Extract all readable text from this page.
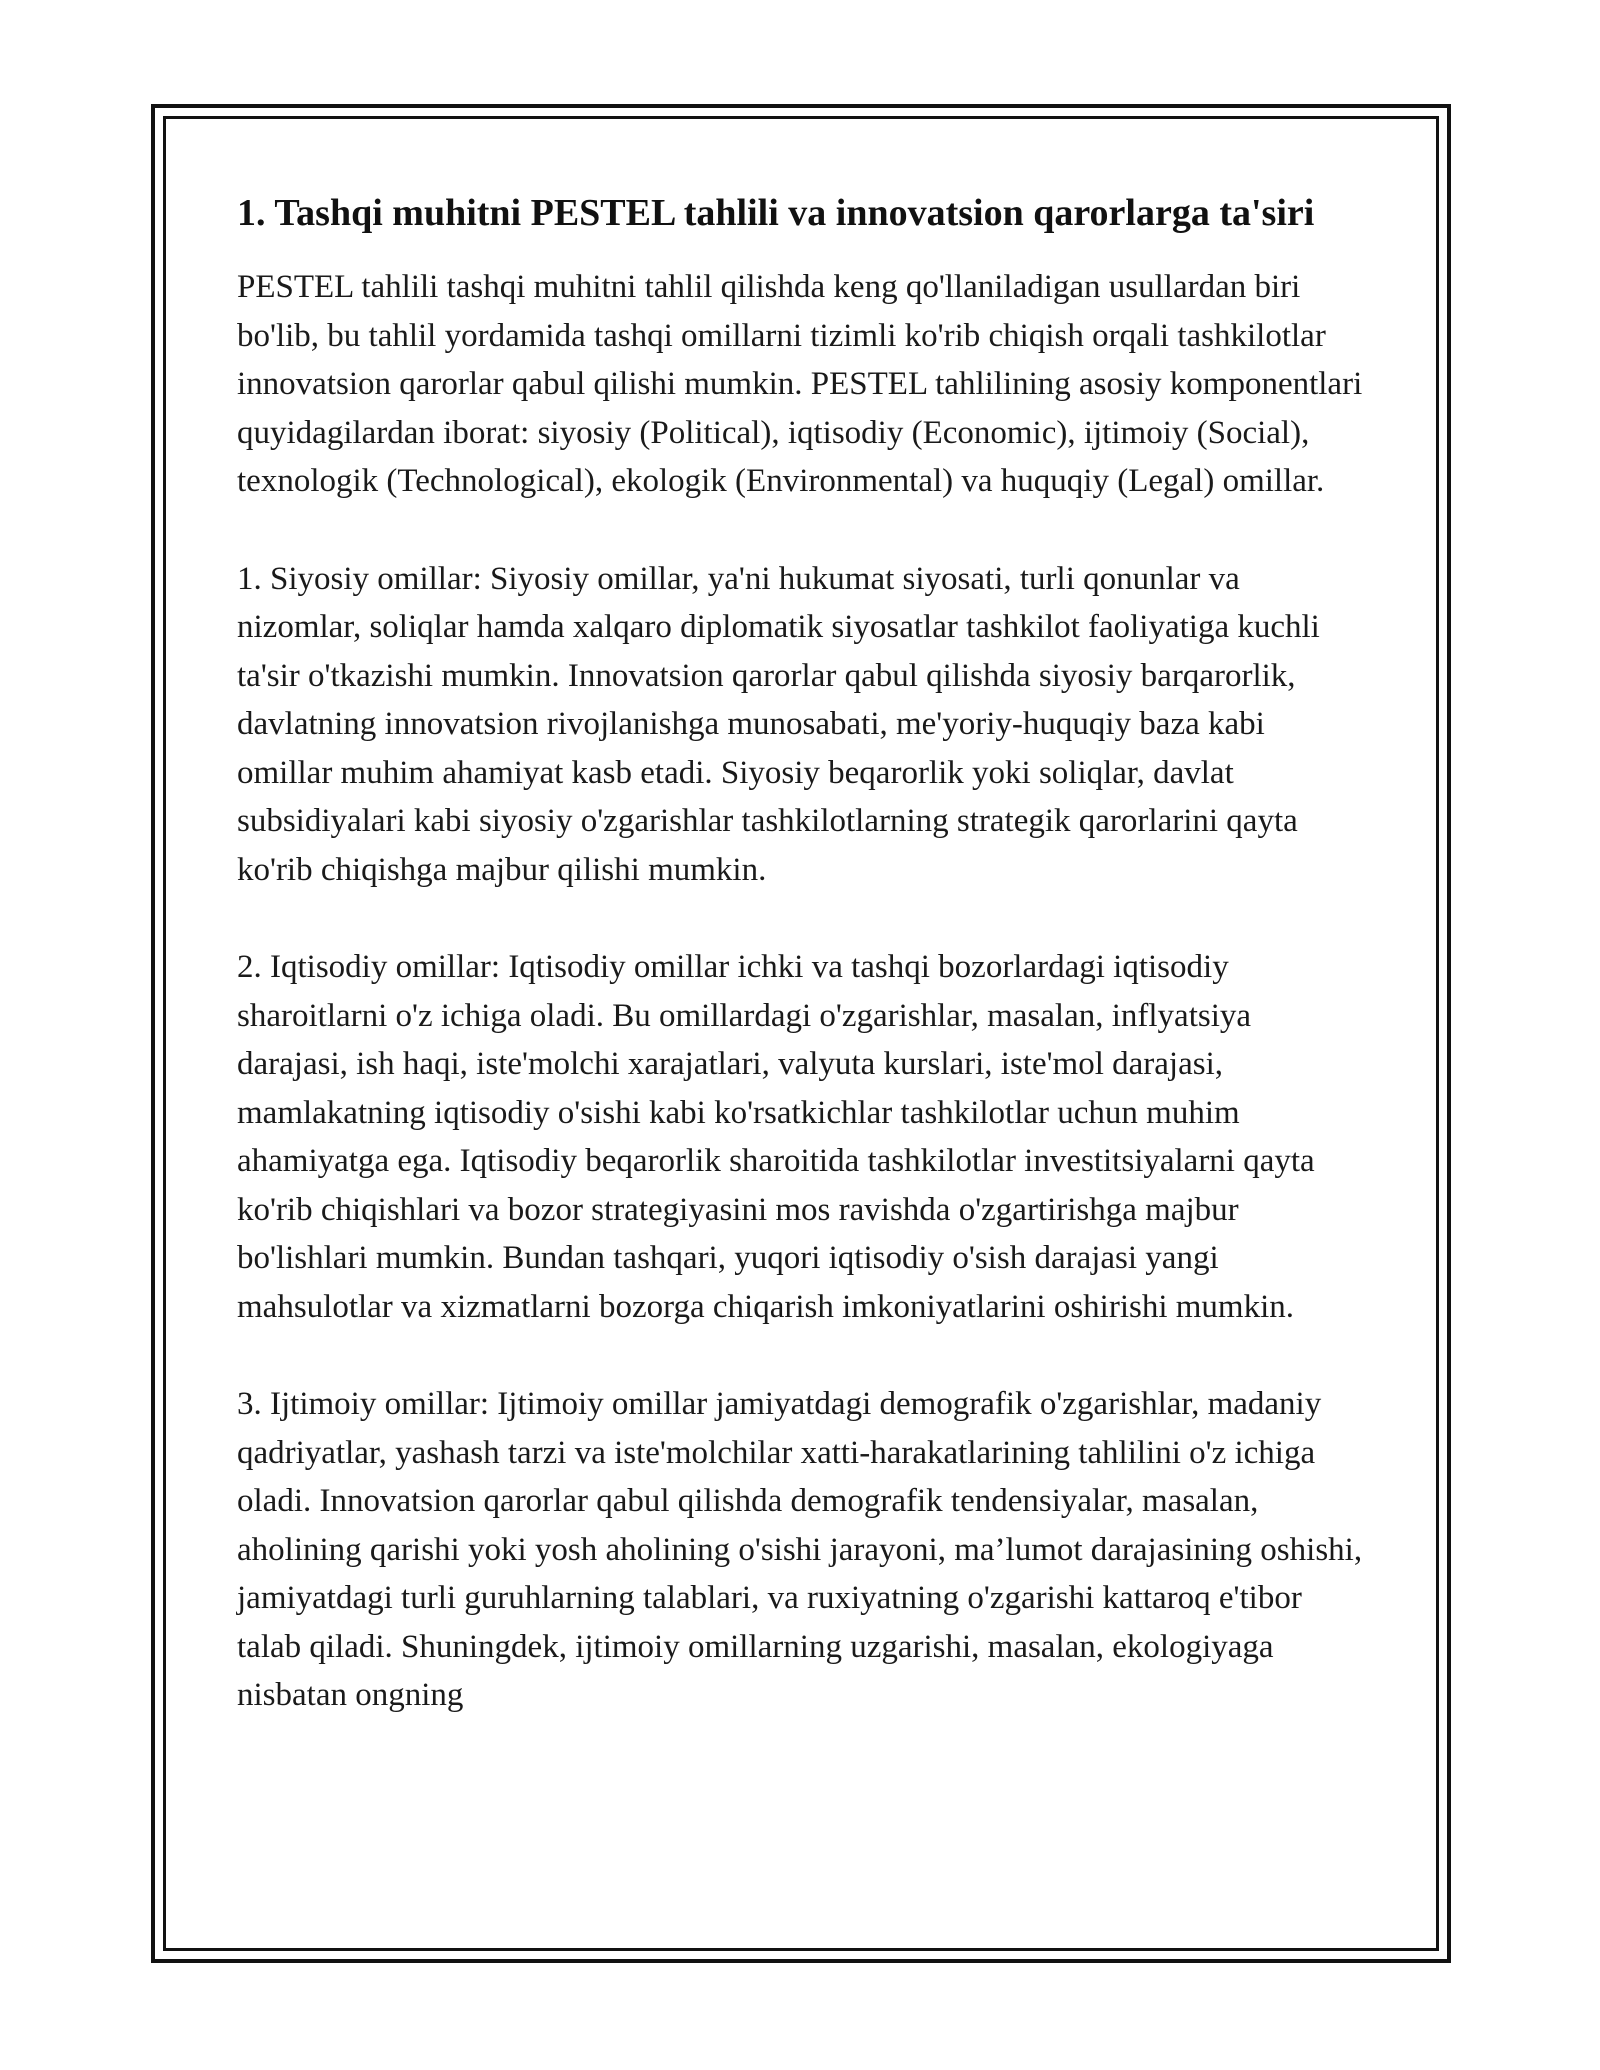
1. Tashqi muhitni PESTEL tahlili va innovatsion qarorlarga ta'siri

PESTEL tahlili tashqi muhitni tahlil qilishda keng qo'llaniladigan usullardan biri bo'lib, bu tahlil yordamida tashqi omillarni tizimli ko'rib chiqish orqali tashkilotlar innovatsion qarorlar qabul qilishi mumkin. PESTEL tahlilining asosiy komponentlari quyidagilardan iborat: siyosiy (Political), iqtisodiy (Economic), ijtimoiy (Social), texnologik (Technological), ekologik (Environmental) va huquqiy (Legal) omillar.

1. Siyosiy omillar: Siyosiy omillar, ya'ni hukumat siyosati, turli qonunlar va nizomlar, soliqlar hamda xalqaro diplomatik siyosatlar tashkilot faoliyatiga kuchli ta'sir o'tkazishi mumkin. Innovatsion qarorlar qabul qilishda siyosiy barqarorlik, davlatning innovatsion rivojlanishga munosabati, me'yoriy-huquqiy baza kabi omillar muhim ahamiyat kasb etadi. Siyosiy beqarorlik yoki soliqlar, davlat subsidiyalari kabi siyosiy o'zgarishlar tashkilotlarning strategik qarorlarini qayta ko'rib chiqishga majbur qilishi mumkin.

2. Iqtisodiy omillar: Iqtisodiy omillar ichki va tashqi bozorlardagi iqtisodiy sharoitlarni o'z ichiga oladi. Bu omillardagi o'zgarishlar, masalan, inflyatsiya darajasi, ish haqi, iste'molchi xarajatlari, valyuta kurslari, iste'mol darajasi, mamlakatning iqtisodiy o'sishi kabi ko'rsatkichlar tashkilotlar uchun muhim ahamiyatga ega. Iqtisodiy beqarorlik sharoitida tashkilotlar investitsiyalarni qayta ko'rib chiqishlari va bozor strategiyasini mos ravishda o'zgartirishga majbur bo'lishlari mumkin. Bundan tashqari, yuqori iqtisodiy o'sish darajasi yangi mahsulotlar va xizmatlarni bozorga chiqarish imkoniyatlarini oshirishi mumkin.

3. Ijtimoiy omillar: Ijtimoiy omillar jamiyatdagi demografik o'zgarishlar, madaniy qadriyatlar, yashash tarzi va iste'molchilar xatti-harakatlarining tahlilini o'z ichiga oladi. Innovatsion qarorlar qabul qilishda demografik tendensiyalar, masalan, aholining qarishi yoki yosh aholining o'sishi jarayoni, ma’lumot darajasining oshishi, jamiyatdagi turli guruhlarning talablari, va ruxiyatning o'zgarishi kattaroq e'tibor talab qiladi. Shuningdek, ijtimoiy omillarning uzgarishi, masalan, ekologiyaga nisbatan ongning
